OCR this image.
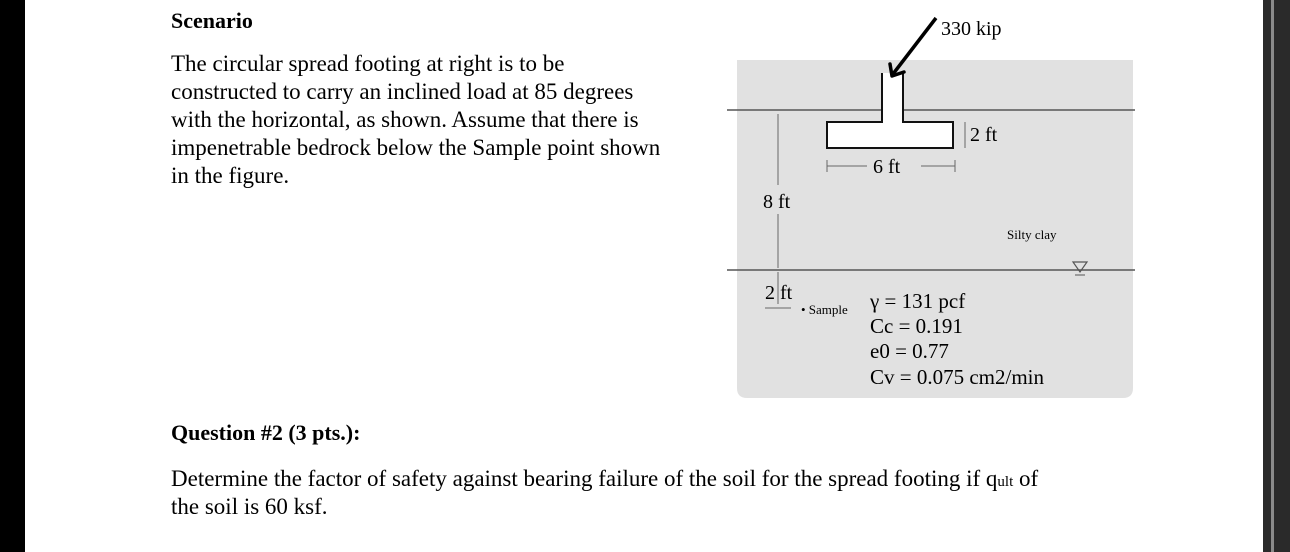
Scenario
The circular spread footing at right is to be
constructed to carry an inclined load at 85 degrees
with the horizontal, as shown. Assume that there is
impenetrable bedrock below the Sample point shown
in the figure.
330 kip
2 ft
6 ft
8 ft
2 ft
Silty clay
• Sample γ = 131 pcf
Cc = 0.191
e0 = 0.77
Cv = 0.075 cm2/min
Question #2 (3 pts.):
Determine the factor of safety against bearing failure of the soil for the spread footing if qult of
the soil is 60 ksf.
